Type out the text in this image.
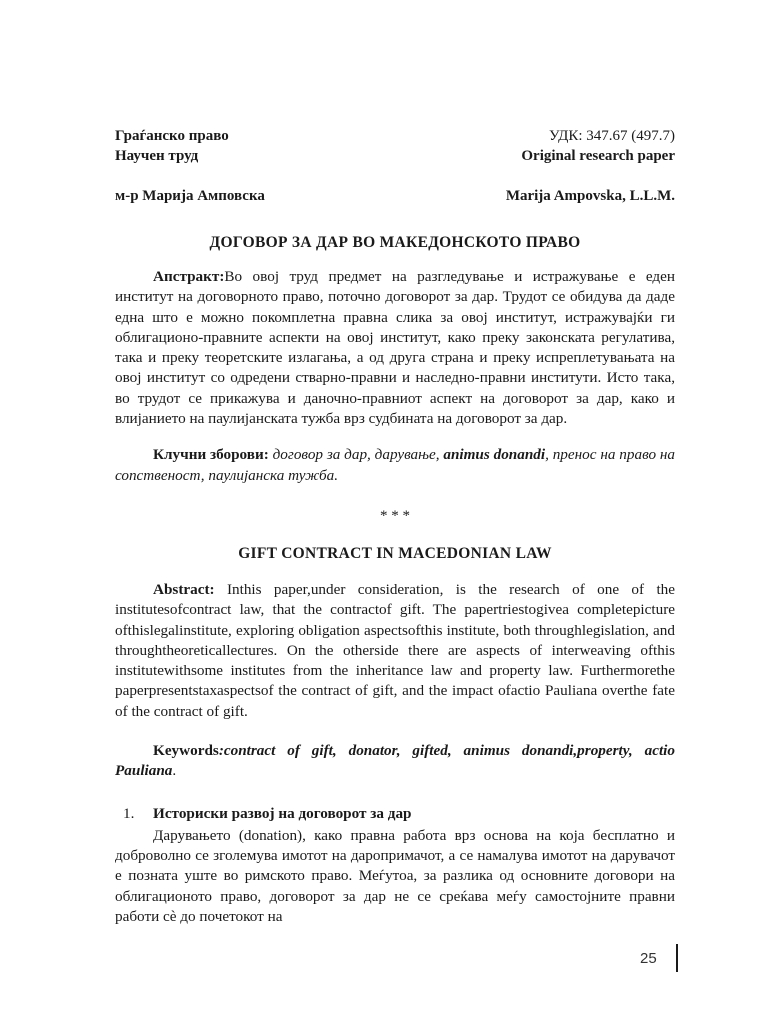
Граѓанско право	УДК: 347.67 (497.7)
Научен труд	Original research paper
м-р Марија Амповска	Marija Ampovska, L.L.M.
ДОГОВОР ЗА ДАР ВО МАКЕДОНСКОТО ПРАВО

Апстракт:Во овој труд предмет на разгледување и истражување е еден институт на договорното право, поточно договорот за дар. Трудот се обидува да даде една што е можно покомплетна правна слика за овој институт, истражувајќи ги облигационо-правните аспекти на овој институт, како преку законската регулатива, така и преку теоретските излагања, а од друга страна и преку испреплетувањата на овој институт со одредени стварно-правни и наследно-правни институти. Исто така, во трудот се прикажува и даночно-правниот аспект на договорот за дар, како и влијанието на паулијанската тужба врз судбината на договорот за дар.

Клучни зборови: договор за дар, дарување, animus donandi, пренос на право на сопственост, паулијанска тужба.

* * *
GIFT CONTRACT IN MACEDONIAN LAW

Abstract: Inthis paper,under consideration, is the research of one of the institutesofcontract law, that the contractof gift. The papertriestogivea completepicture ofthislegalinstitute, exploring obligation aspectsofthis institute, both throughlegislation, and throughtheoreticallectures. On the otherside there are aspects of interweaving ofthis institutewithsome institutes from the inheritance law and property law. Furthermorethe paperpresentstaxaspectsof the contract of gift, and the impact ofactio Pauliana overthe fate of the contract of gift.

Keywords:contract of gift, donator, gifted, animus donandi,property, actio Pauliana.

1.	Историски развој на договорот за дар

Дарувањето (donation), како правна работа врз основа на која бесплатно и доброволно се зголемува имотот на дaропримачот, а се намалува имотот на дарувачот е позната уште во римското право. Меѓутоа, за разлика од основните договори на облигационото право, договорот за дар не се среќава меѓу самостојните правни работи сè до почетокот на

25
